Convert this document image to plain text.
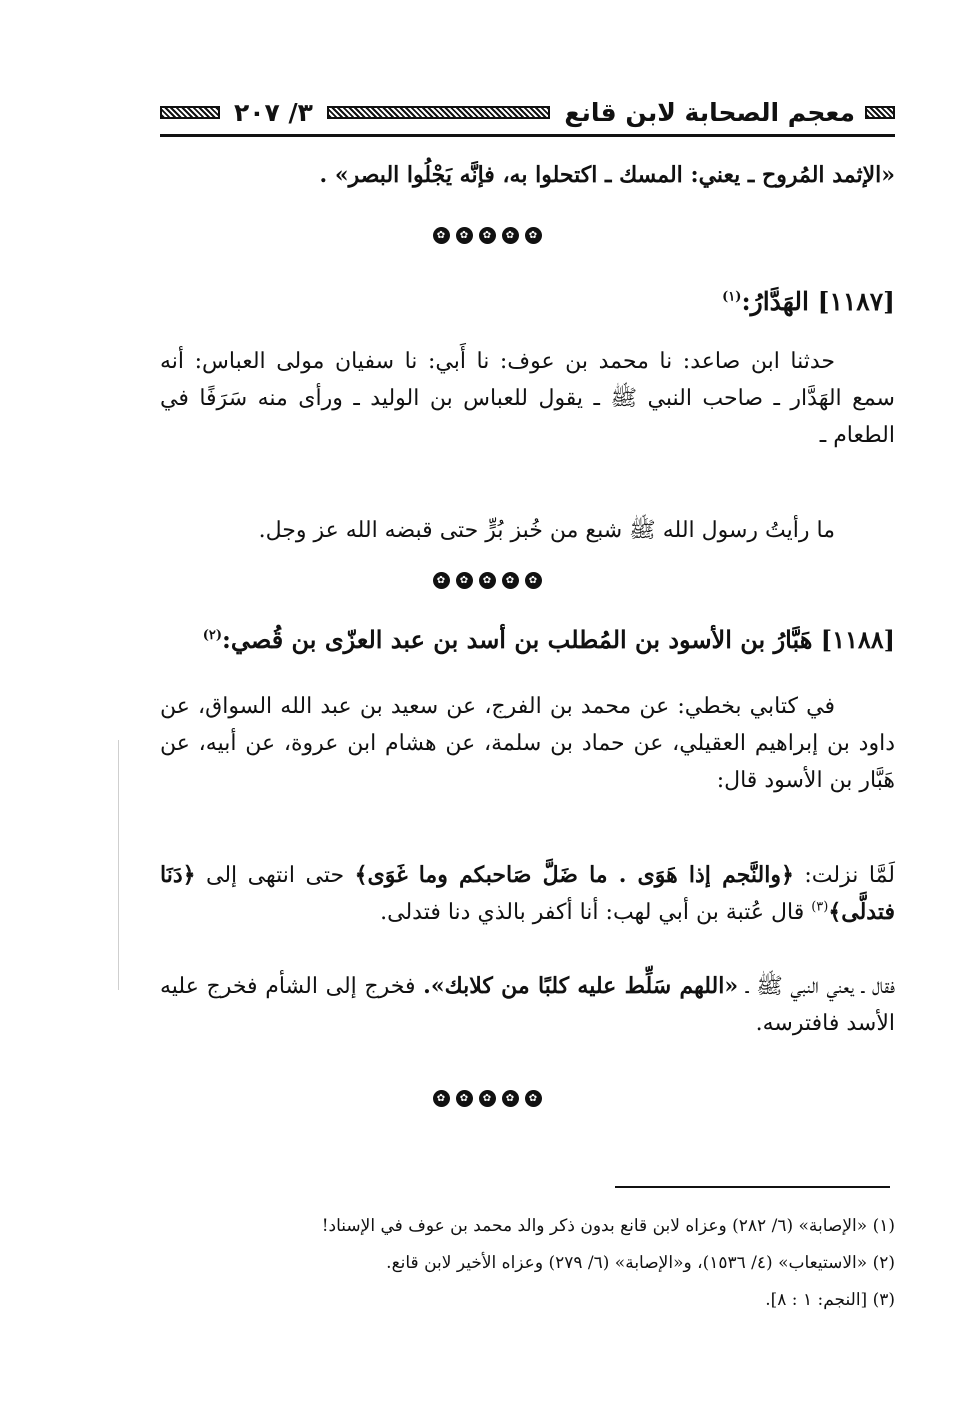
معجم الصحابة لابن قانع
٣/ ٢٠٧
«الإثمد المُروح ـ يعني: المسك ـ اكتحلوا به، فإنَّه يَجْلُوا البصر» .
✿	✿	✿	✿	✿
[١١٨٧] الهَدَّارُ:$^{(١)}$
حدثنا ابن صاعد: نا محمد بن عوف: نا أَبي: نا سفيان مولى العباس: أنه سمع الهَدَّار ـ صاحب النبي ﷺ ـ يقول للعباس بن الوليد ـ ورأى منه سَرَفًا في الطعام ـ
ما رأيتُ رسول الله ﷺ شبع من خُبز بُرٍّ حتى قبضه الله عز وجل.
✿	✿	✿	✿	✿
[١١٨٨] هَبَّارُ بن الأسود بن المُطلب بن أسد بن عبد العزّى بن قُصي:$^{(٢)}$
في كتابي بخطي: عن محمد بن الفرج، عن سعيد بن عبد الله السواق، عن داود بن إبراهيم العقيلي، عن حماد بن سلمة، عن هشام ابن عروة، عن أبيه، عن هَبَّار بن الأسود قال:
لَمَّا نزلت: ﴿والنَّجم إذا هَوَى . ما ضَلَّ صَاحبكم وما غَوَى﴾ حتى انتهى إلى ﴿دَنَا فتدلَّى﴾$^{(٣)}$ قال عُتبة بن أبي لهب: أنا أكفر بالذي دنا فتدلى.
فقال ـ يعني النبي ﷺ ـ «اللهم سَلِّط عليه كلبًا من كلابك». فخرج إلى الشأم فخرج عليه الأسد فافترسه.
✿	✿	✿	✿	✿
(١) «الإصابة» (٦/ ٢٨٢) وعزاه لابن قانع بدون ذكر والد محمد بن عوف في الإسناد!
(٢) «الاستيعاب» (٤/ ١٥٣٦)، و«الإصابة» (٦/ ٢٧٩) وعزاه الأخير لابن قانع.
(٣) [النجم: ١ : ٨].
